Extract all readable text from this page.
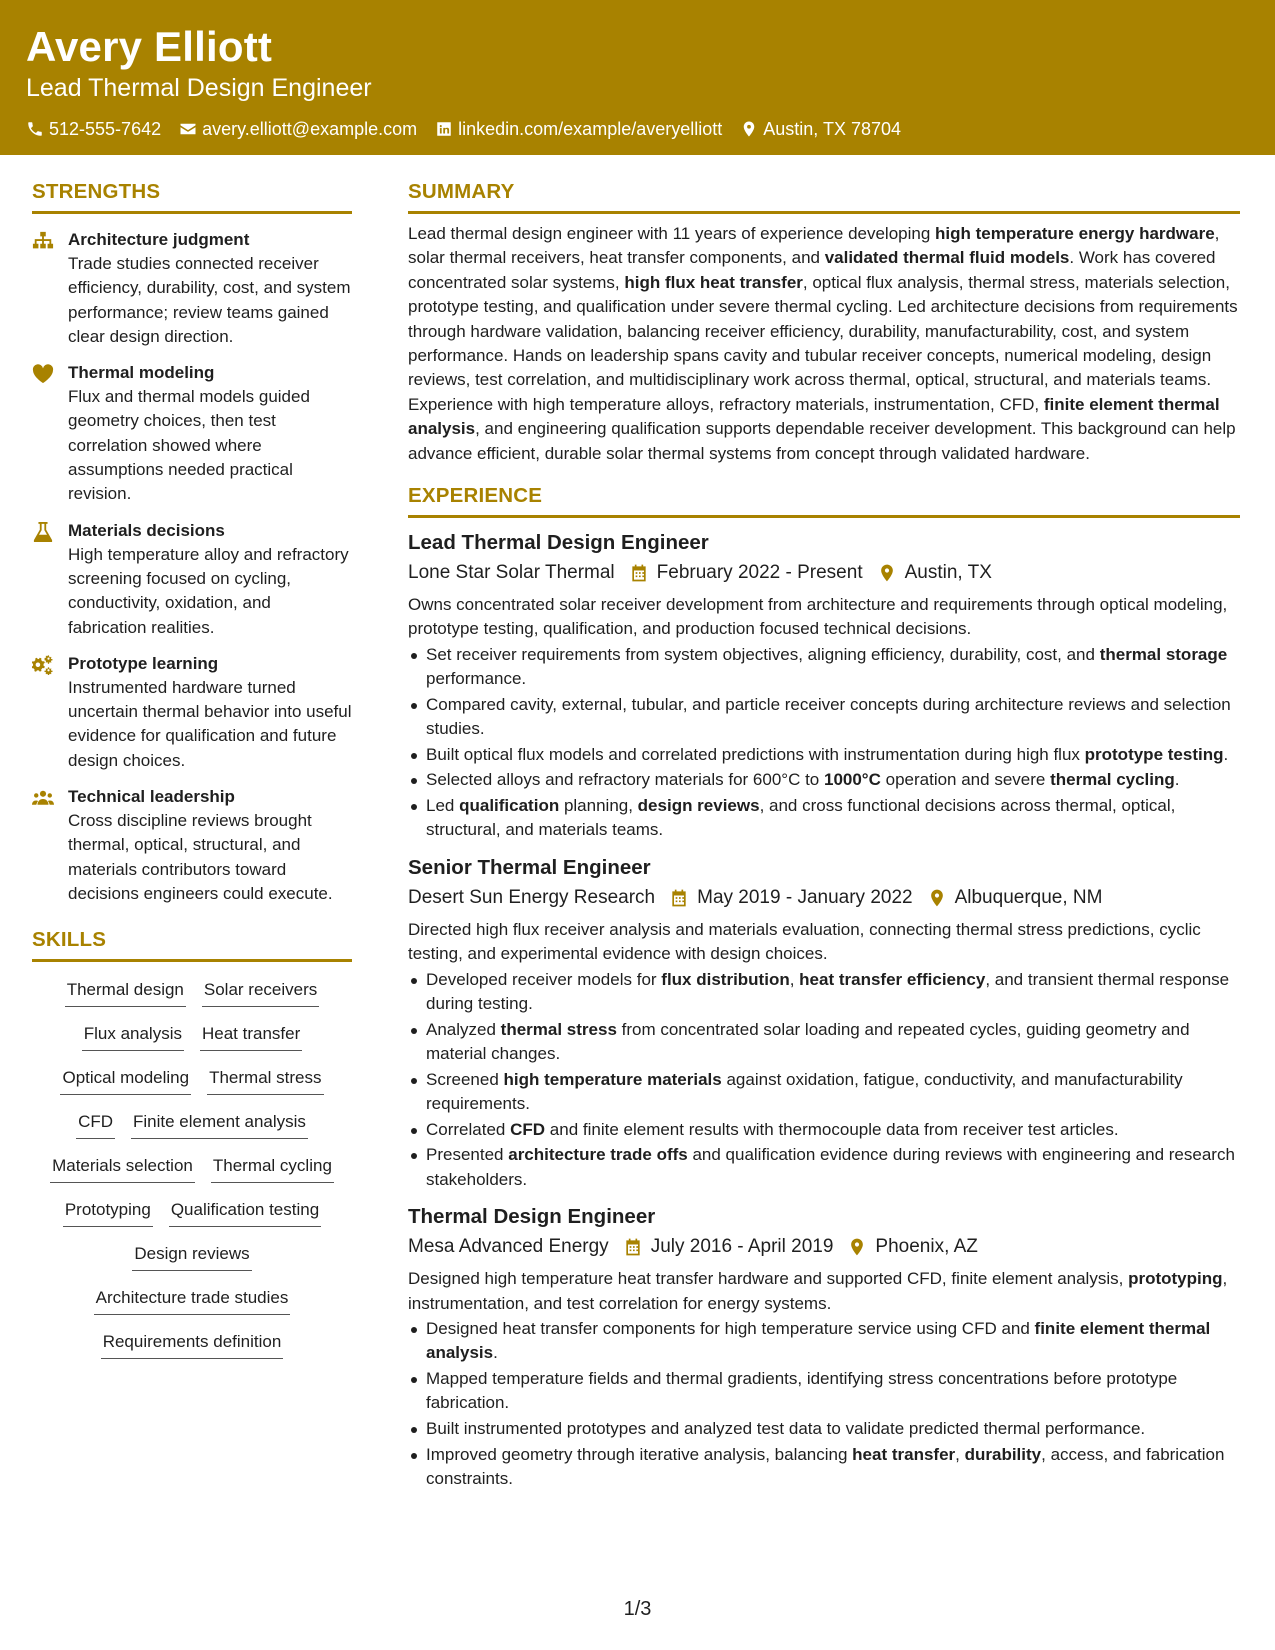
Avery Elliott
Lead Thermal Design Engineer
512-555-7642 avery.elliott@example.com linkedin.com/example/averyelliott Austin, TX 78704
STRENGTHS
Architecture judgment
Trade studies connected receiver efficiency, durability, cost, and system performance; review teams gained clear design direction.
Thermal modeling
Flux and thermal models guided geometry choices, then test correlation showed where assumptions needed practical revision.
Materials decisions
High temperature alloy and refractory screening focused on cycling, conductivity, oxidation, and fabrication realities.
Prototype learning
Instrumented hardware turned uncertain thermal behavior into useful evidence for qualification and future design choices.
Technical leadership
Cross discipline reviews brought thermal, optical, structural, and materials contributors toward decisions engineers could execute.
SKILLS
Thermal design Solar receivers
Flux analysis Heat transfer
Optical modeling Thermal stress
CFD Finite element analysis
Materials selection Thermal cycling
Prototyping Qualification testing
Design reviews
Architecture trade studies
Requirements definition
SUMMARY

Lead thermal design engineer with 11 years of experience developing high temperature energy hardware, solar thermal receivers, heat transfer components, and validated thermal fluid models. Work has covered concentrated solar systems, high flux heat transfer, optical flux analysis, thermal stress, materials selection, prototype testing, and qualification under severe thermal cycling. Led architecture decisions from requirements through hardware validation, balancing receiver efficiency, durability, manufacturability, cost, and system performance. Hands on leadership spans cavity and tubular receiver concepts, numerical modeling, design reviews, test correlation, and multidisciplinary work across thermal, optical, structural, and materials teams. Experience with high temperature alloys, refractory materials, instrumentation, CFD, finite element thermal analysis, and engineering qualification supports dependable receiver development. This background can help advance efficient, durable solar thermal systems from concept through validated hardware.

EXPERIENCE
Lead Thermal Design Engineer
Lone Star Solar Thermal February 2022 - Present Austin, TX

Owns concentrated solar receiver development from architecture and requirements through optical modeling, prototype testing, qualification, and production focused technical decisions.

Set receiver requirements from system objectives, aligning efficiency, durability, cost, and thermal storage performance.
Compared cavity, external, tubular, and particle receiver concepts during architecture reviews and selection studies.
Built optical flux models and correlated predictions with instrumentation during high flux prototype testing.
Selected alloys and refractory materials for 600°C to 1000°C operation and severe thermal cycling.
Led qualification planning, design reviews, and cross functional decisions across thermal, optical, structural, and materials teams.
Senior Thermal Engineer
Desert Sun Energy Research May 2019 - January 2022 Albuquerque, NM

Directed high flux receiver analysis and materials evaluation, connecting thermal stress predictions, cyclic testing, and experimental evidence with design choices.

Developed receiver models for flux distribution, heat transfer efficiency, and transient thermal response during testing.
Analyzed thermal stress from concentrated solar loading and repeated cycles, guiding geometry and material changes.
Screened high temperature materials against oxidation, fatigue, conductivity, and manufacturability requirements.
Correlated CFD and finite element results with thermocouple data from receiver test articles.
Presented architecture trade offs and qualification evidence during reviews with engineering and research stakeholders.
Thermal Design Engineer
Mesa Advanced Energy July 2016 - April 2019 Phoenix, AZ

Designed high temperature heat transfer hardware and supported CFD, finite element analysis, prototyping, instrumentation, and test correlation for energy systems.

Designed heat transfer components for high temperature service using CFD and finite element thermal analysis.
Mapped temperature fields and thermal gradients, identifying stress concentrations before prototype fabrication.
Built instrumented prototypes and analyzed test data to validate predicted thermal performance.
Improved geometry through iterative analysis, balancing heat transfer, durability, access, and fabrication constraints.
1/3
